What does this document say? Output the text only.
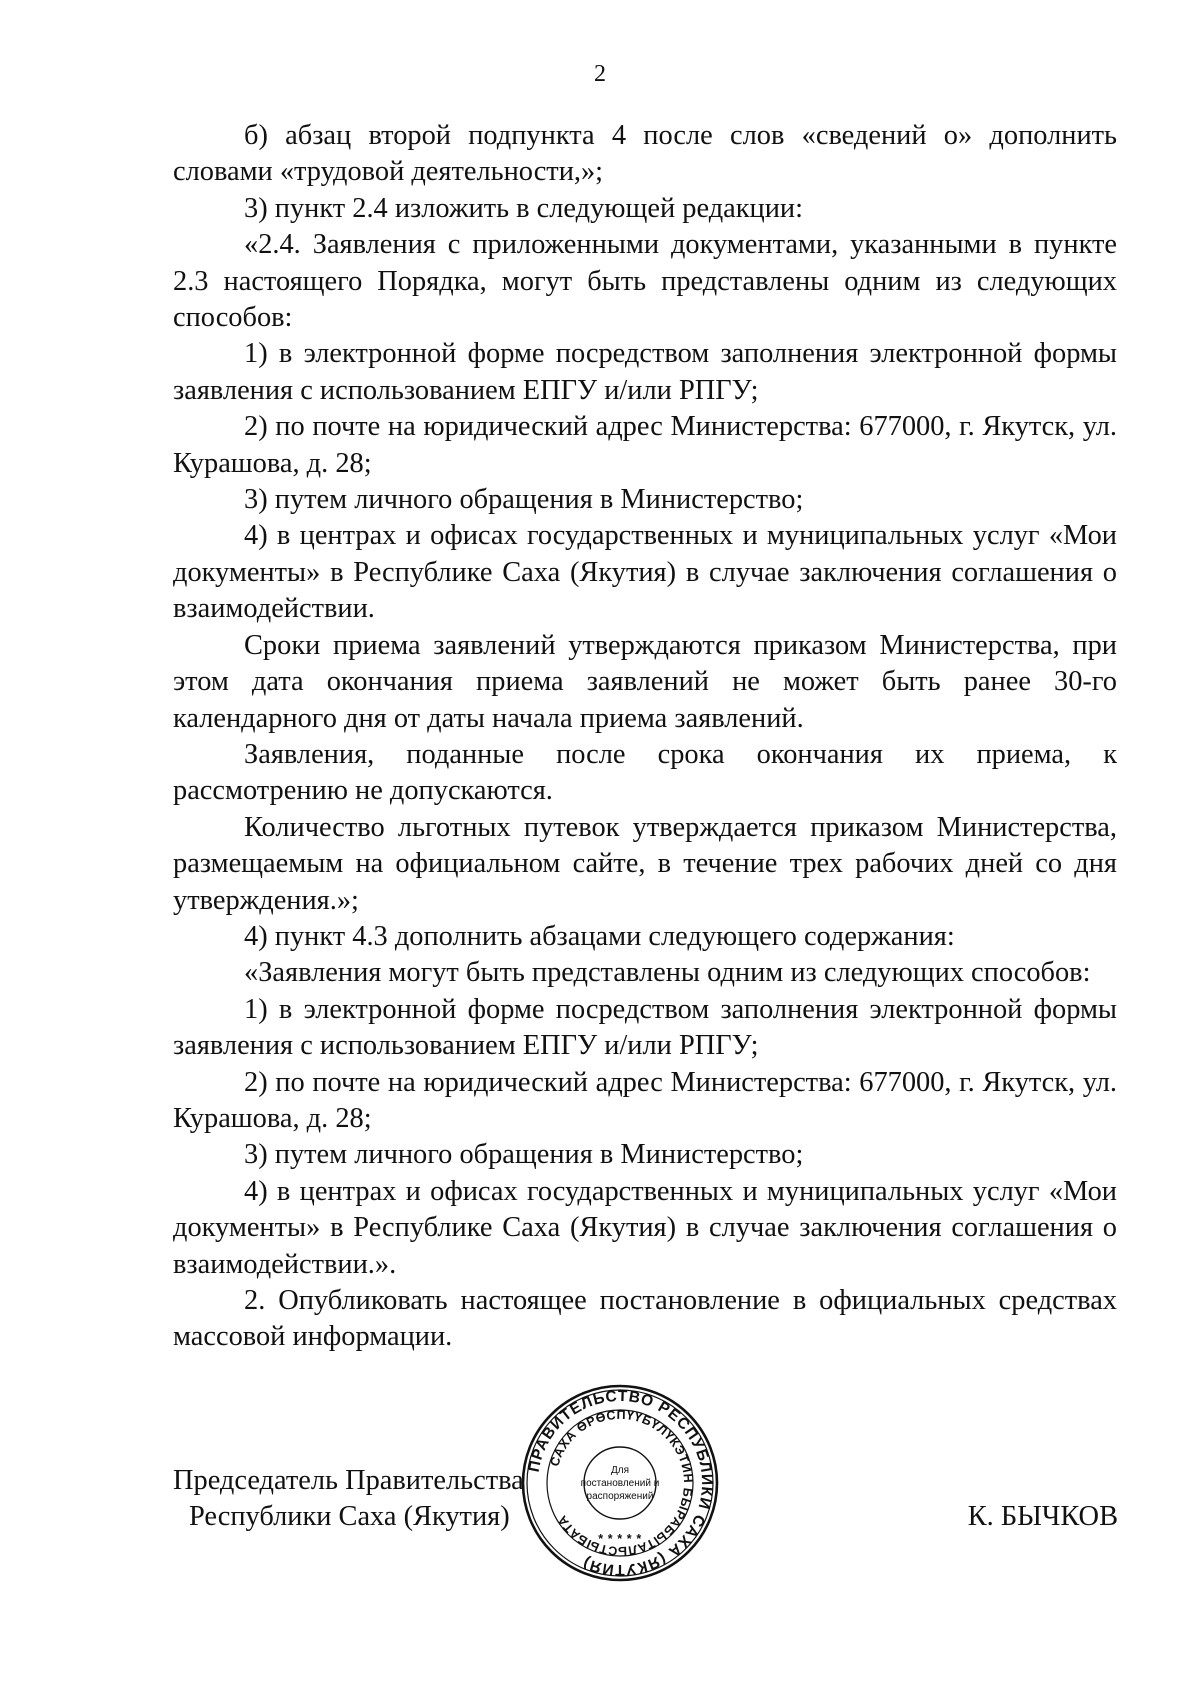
2

б) абзац второй подпункта 4 после слов «сведений о» дополнить словами «трудовой деятельности,»;

3) пункт 2.4 изложить в следующей редакции:

«2.4. Заявления с приложенными документами, указанными в пункте 2.3 настоящего Порядка, могут быть представлены одним из следующих способов:

1) в электронной форме посредством заполнения электронной формы заявления с использованием ЕПГУ и/или РПГУ;

2) по почте на юридический адрес Министерства: 677000, г. Якутск, ул. Курашова, д. 28;

3) путем личного обращения в Министерство;

4) в центрах и офисах государственных и муниципальных услуг «Мои документы» в Республике Саха (Якутия) в случае заключения соглашения о взаимодействии.

Сроки приема заявлений утверждаются приказом Министерства, при этом дата окончания приема заявлений не может быть ранее 30-го календарного дня от даты начала приема заявлений.

Заявления, поданные после срока окончания их приема, к рассмотрению не допускаются.

Количество льготных путевок утверждается приказом Министерства, размещаемым на официальном сайте, в течение трех рабочих дней со дня утверждения.»;

4) пункт 4.3 дополнить абзацами следующего содержания:

«Заявления могут быть представлены одним из следующих способов:

1) в электронной форме посредством заполнения электронной формы заявления с использованием ЕПГУ и/или РПГУ;

2) по почте на юридический адрес Министерства: 677000, г. Якутск, ул. Курашова, д. 28;

3) путем личного обращения в Министерство;

4) в центрах и офисах государственных и муниципальных услуг «Мои документы» в Республике Саха (Якутия) в случае заключения соглашения о взаимодействии.».

2. Опубликовать настоящее постановление в официальных средствах массовой информации.

Председатель Правительства
Республики Саха (Якутия)
ПРАВИТЕЛЬСТВО РЕСПУБЛИКИ САХА (ЯКУТИЯ)
САХА ӨРӨСПҮҮБҮЛҮКЭТИН БЫРАБЫТАЛЬСТЫБАТА
Для
постановлений и
распоряжений
* * * * *
К. БЫЧКОВ
